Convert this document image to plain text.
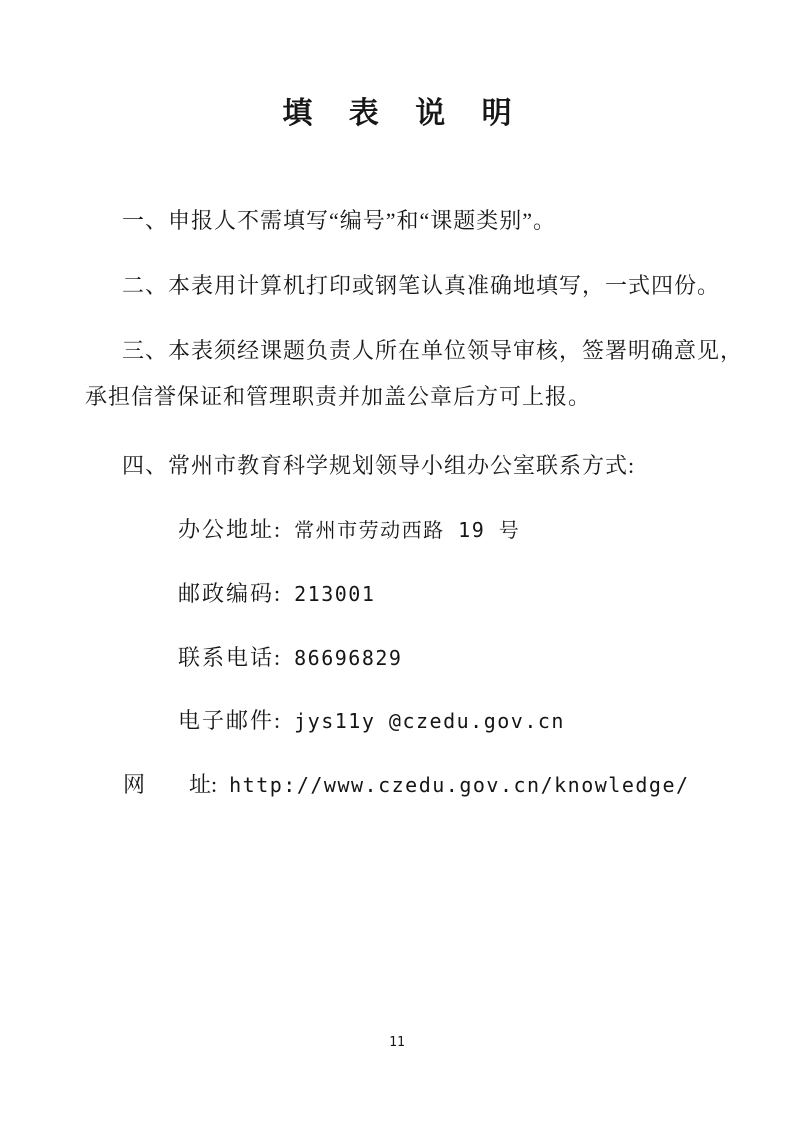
填 表 说 明
一、申报人不需填写“编号”和“课题类别”。
二、本表用计算机打印或钢笔认真准确地填写，一式四份。
三、本表须经课题负责人所在单位领导审核，签署明确意见，
承担信誉保证和管理职责并加盖公章后方可上报。
四、常州市教育科学规划领导小组办公室联系方式:
办公地址: 常州市劳动西路 19 号
邮政编码: 213001
联系电话: 86696829
电子邮件: jys11y @czedu.gov.cn
网 址: http://www.czedu.gov.cn/knowledge/
11
